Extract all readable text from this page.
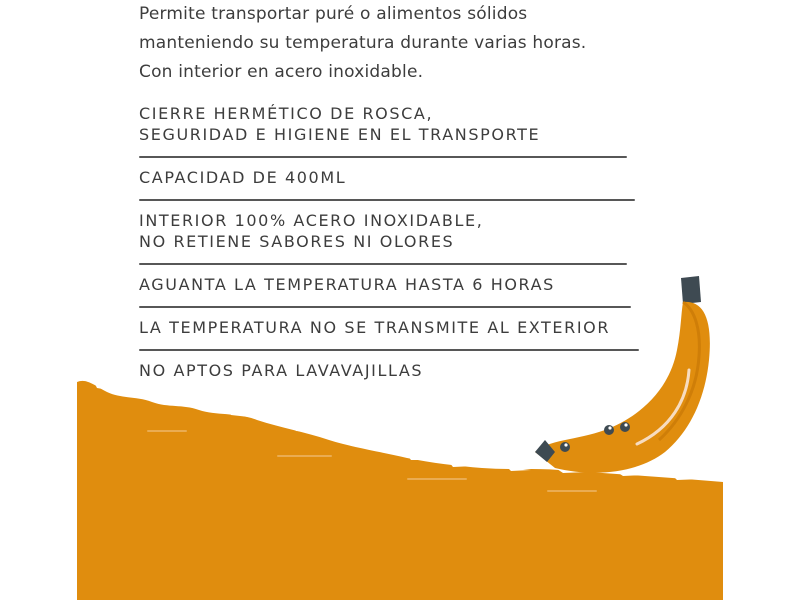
Permite transportar puré o alimentos sólidos

manteniendo su temperatura durante varias horas.

Con interior en acero inoxidable.

CIERRE HERMÉTICO DE ROSCA,
SEGURIDAD E HIGIENE EN EL TRANSPORTE
CAPACIDAD DE 400ML
INTERIOR 100% ACERO INOXIDABLE,
NO RETIENE SABORES NI OLORES
AGUANTA LA TEMPERATURA HASTA 6 HORAS
LA TEMPERATURA NO SE TRANSMITE AL EXTERIOR
NO APTOS PARA LAVAVAJILLAS
